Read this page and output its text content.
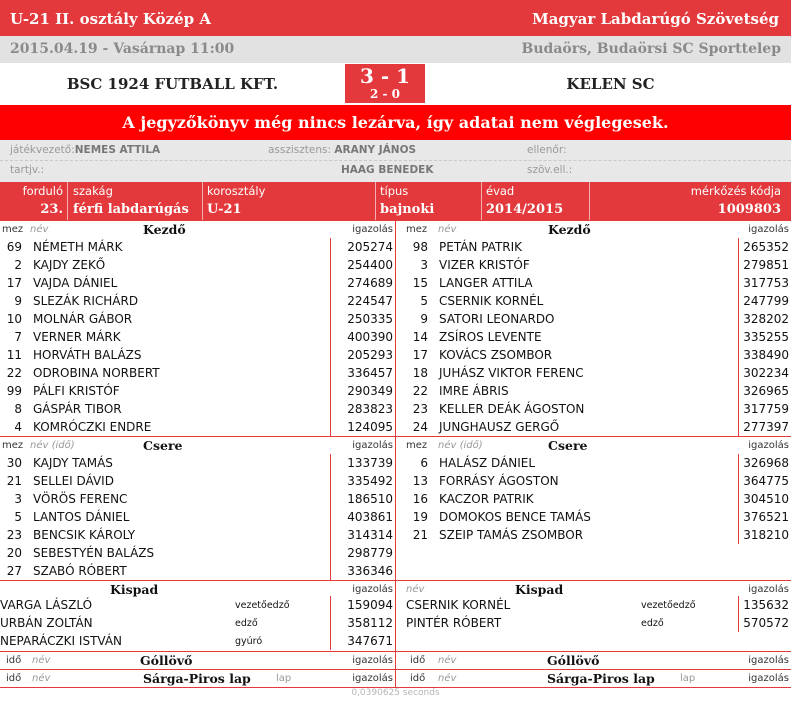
U-21 II. osztály Közép A	Magyar Labdarúgó Szövetség
2015.04.19 - Vasárnap 11:00	Budaörs, Budaörsi SC Sporttelep
BSC 1924 FUTBALL KFT.	3 - 1
2 - 0
KELEN SC
A jegyzőkönyv még nincs lezárva, így adatai nem véglegesek.
játékvezető:NEMES ATTILA	asszisztens: ARANY JÁNOS	ellenőr:
tartjv.:	HAAG BENEDEK	szöv.ell.:
forduló
23.
szakág
férfi labdarúgás
korosztály
U-21
típus
bajnoki
évad
2014/2015
mérkőzés kódja
1009803
mez név	Kezdő	igazolás mez név	Kezdő	igazolás
69 NÉMETH MÁRK	205274
2 KAJDY ZEKŐ	254400
17 VAJDA DÁNIEL	274689
9 SLEZÁK RICHÁRD	224547
10 MOLNÁR GÁBOR	250335
7 VERNER MÁRK	400390
11 HORVÁTH BALÁZS	205293
22 ODROBINA NORBERT	336457
99 PÁLFI KRISTÓF	290349
8 GÁSPÁR TIBOR	283823
4 KOMRÓCZKI ENDRE	124095
98 PETÁN PATRIK	265352
3 VIZER KRISTÓF	279851
15 LANGER ATTILA	317753
5 CSERNIK KORNÉL	247799
9 SATORI LEONARDO	328202
14 ZSÍROS LEVENTE	335255
17 KOVÁCS ZSOMBOR	338490
18 JUHÁSZ VIKTOR FERENC	302234
22 IMRE ÁBRIS	326965
23 KELLER DEÁK ÁGOSTON	317759
24 JUNGHAUSZ GERGŐ	277397
mez név (idő)	Csere	igazolás mez név (idő)	Csere	igazolás
30 KAJDY TAMÁS	133739
21 SELLEI DÁVID	335492
3 VÖRÖS FERENC	186510
5 LANTOS DÁNIEL	403861
23 BENCSIK KÁROLY	314314
20 SEBESTYÉN BALÁZS	298779
27 SZABÓ RÓBERT	336346
6 HALÁSZ DÁNIEL	326968
13 FORRÁSY ÁGOSTON	364775
16 KACZOR PATRIK	304510
19 DOMOKOS BENCE TAMÁS	376521
21 SZEIP TAMÁS ZSOMBOR	318210
Kispad	igazolás név	Kispad	igazolás
VARGA LÁSZLÓ	vezetőedző	159094
URBÁN ZOLTÁN	edző	358112
NEPARÁCZKI ISTVÁN	gyúró	347671
CSERNIK KORNÉL	vezetőedző	135632
PINTÉR RÓBERT	edző	570572
idő név	Góllövő	igazolás idő név	Góllövő	igazolás
idő név	Sárga-Piros lap	lap	igazolás idő név	Sárga-Piros lap	lap	igazolás
0,0390625 seconds
